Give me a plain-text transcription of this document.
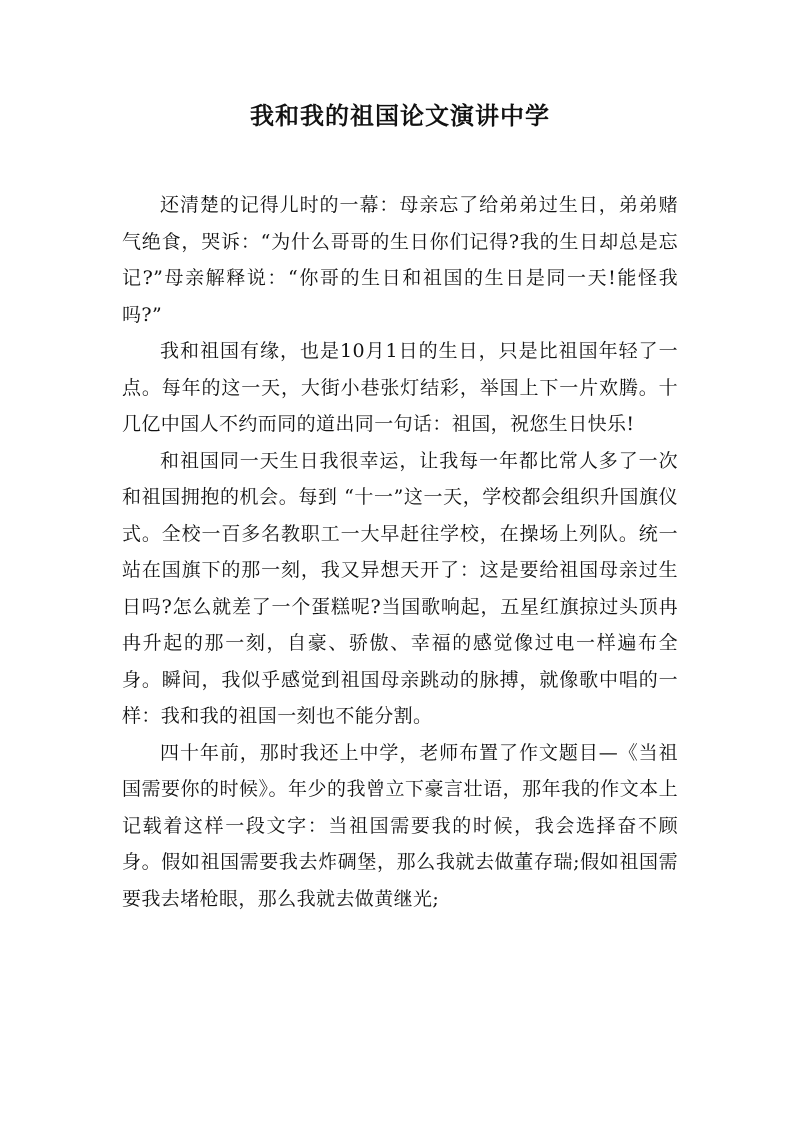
我和我的祖国论文演讲中学

还清楚的记得儿时的一幕：母亲忘了给弟弟过生日，弟弟赌气绝食，哭诉：“为什么哥哥的生日你们记得?我的生日却总是忘记?”母亲解释说：“你哥的生日和祖国的生日是同一天!能怪我吗?”

我和祖国有缘，也是10月1日的生日，只是比祖国年轻了一点。每年的这一天，大街小巷张灯结彩，举国上下一片欢腾。十几亿中国人不约而同的道出同一句话：祖国，祝您生日快乐!

和祖国同一天生日我很幸运，让我每一年都比常人多了一次和祖国拥抱的机会。每到 “十一”这一天，学校都会组织升国旗仪式。全校一百多名教职工一大早赶往学校，在操场上列队。统一站在国旗下的那一刻，我又异想天开了：这是要给祖国母亲过生日吗?怎么就差了一个蛋糕呢?当国歌响起，五星红旗掠过头顶冉冉升起的那一刻，自豪、骄傲、幸福的感觉像过电一样遍布全身。瞬间，我似乎感觉到祖国母亲跳动的脉搏，就像歌中唱的一样：我和我的祖国一刻也不能分割。

四十年前，那时我还上中学，老师布置了作文题目—《当祖国需要你的时候》。年少的我曾立下豪言壮语，那年我的作文本上记载着这样一段文字：当祖国需要我的时候，我会选择奋不顾身。假如祖国需要我去炸碉堡，那么我就去做董存瑞;假如祖国需要我去堵枪眼，那么我就去做黄继光;
